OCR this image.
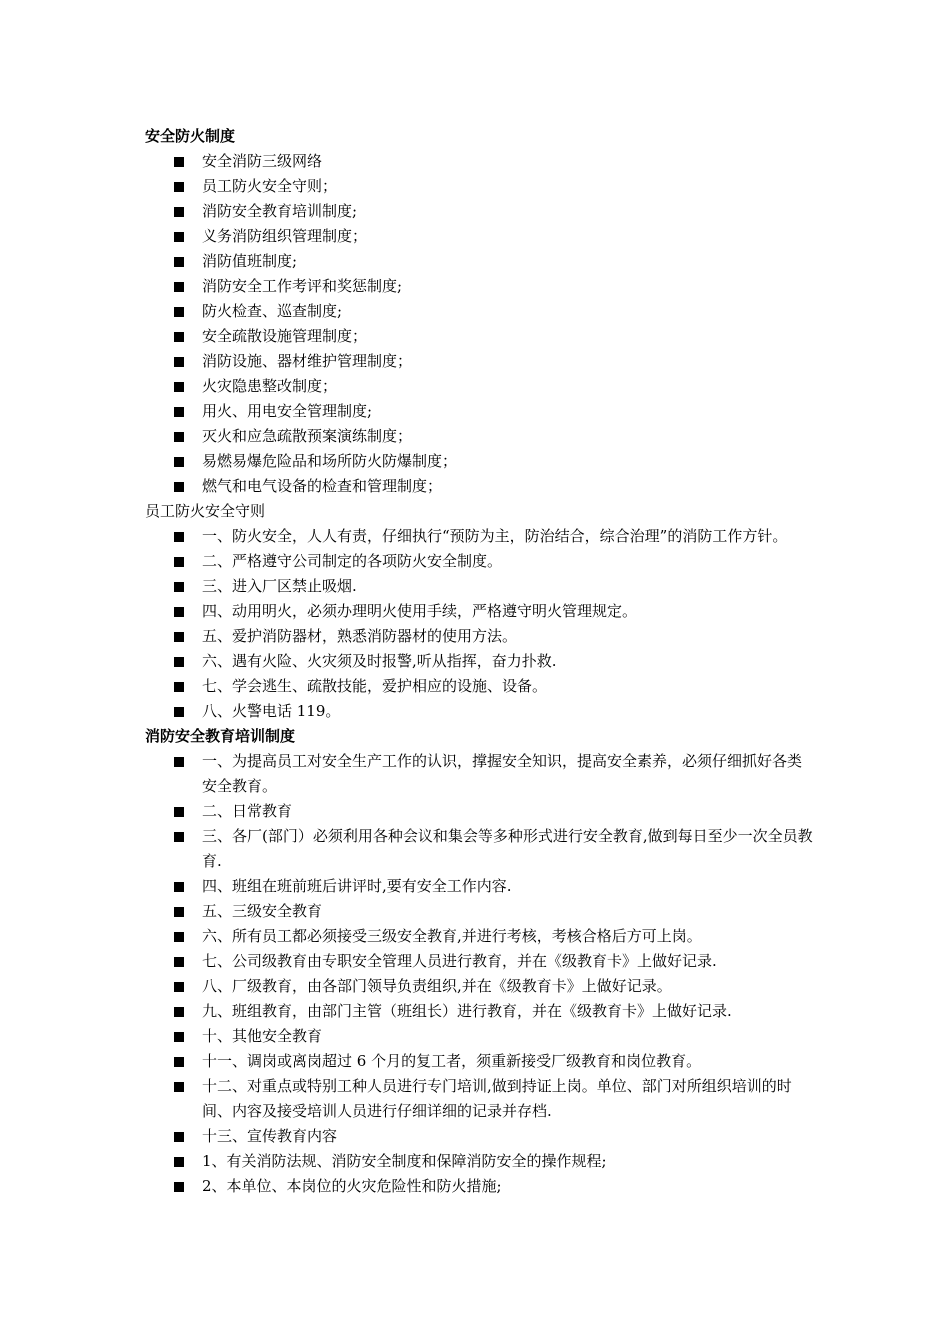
安全防火制度
安全消防三级网络
员工防火安全守则；
消防安全教育培训制度;
义务消防组织管理制度；
消防值班制度;
消防安全工作考评和奖惩制度;
防火检查、巡查制度;
安全疏散设施管理制度；
消防设施、器材维护管理制度；
火灾隐患整改制度；
用火、用电安全管理制度;
灭火和应急疏散预案演练制度；
易燃易爆危险品和场所防火防爆制度；
燃气和电气设备的检查和管理制度；
员工防火安全守则
一、防火安全，人人有责，仔细执行“预防为主，防治结合，综合治理”的消防工作方针。
二、严格遵守公司制定的各项防火安全制度。
三、进入厂区禁止吸烟.
四、动用明火，必须办理明火使用手续，严格遵守明火管理规定。
五、爱护消防器材，熟悉消防器材的使用方法。
六、遇有火险、火灾须及时报警,听从指挥，奋力扑救.
七、学会逃生、疏散技能，爱护相应的设施、设备。
八、火警电话 119。
消防安全教育培训制度
一、为提高员工对安全生产工作的认识，撑握安全知识，提高安全素养，必须仔细抓好各类安全教育。
二、日常教育
三、各厂(部门）必须利用各种会议和集会等多种形式进行安全教育,做到每日至少一次全员教育.
四、班组在班前班后讲评时,要有安全工作内容.
五、三级安全教育
六、所有员工都必须接受三级安全教育,并进行考核，考核合格后方可上岗。
七、公司级教育由专职安全管理人员进行教育，并在《级教育卡》上做好记录.
八、厂级教育，由各部门领导负责组织,并在《级教育卡》上做好记录。
九、班组教育，由部门主管（班组长）进行教育，并在《级教育卡》上做好记录.
十、其他安全教育
十一、调岗或离岗超过 6 个月的复工者，须重新接受厂级教育和岗位教育。
十二、对重点或特别工种人员进行专门培训,做到持证上岗。单位、部门对所组织培训的时间、内容及接受培训人员进行仔细详细的记录并存档.
十三、宣传教育内容
1、有关消防法规、消防安全制度和保障消防安全的操作规程;
2、本单位、本岗位的火灾危险性和防火措施;
